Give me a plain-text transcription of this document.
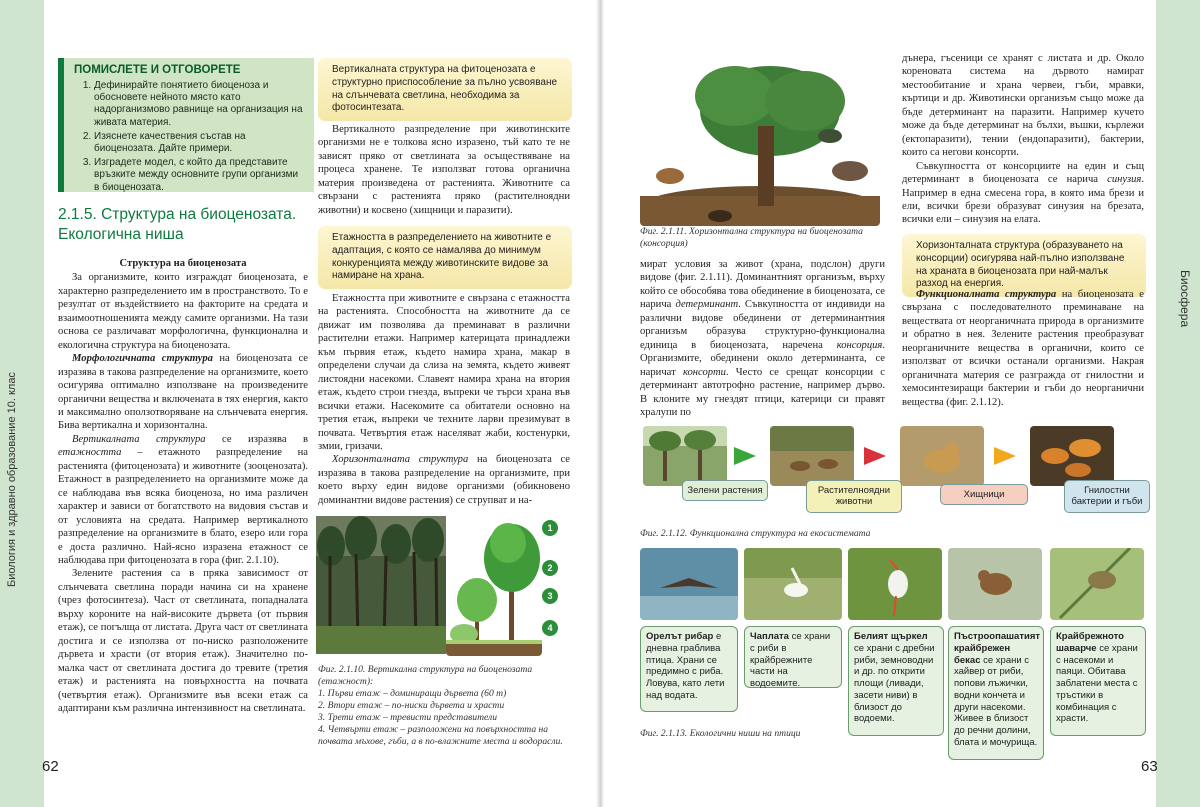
Биология и здравно образование 10. клас
Биосфера
62	63
ПОМИСЛЕТЕ И ОТГОВОРЕТЕ
1. Дефинирайте понятието биоценоза и обосновете нейното място като надорганизмово равнище на организация на живата материя.
2. Изяснете качествения състав на биоценозата. Дайте примери.
3. Изградете модел, с който да представите връзките между основните групи организми в биоценозата.
2.1.5. Структура на биоценозата. Екологична ниша

Структура на биоценозата

За организмите, които изграждат биоценозата, е характерно разпределението им в пространството. То е резултат от въздействието на факторите на средата и взаимоотношенията между самите организми. На тази основа се различават морфологична, функционална и екологична структура на биоценозата.

Морфологичната структура на биоценозата се изразява в такова разпределение на организмите, което осигурява оптимално използване на произведените органични вещества и включената в тях енергия, както и максимално оползотворяване на слънчевата енергия. Бива вертикална и хоризонтална.

Вертикалната структура се изразява в етажността – етажното разпределение на растенията (фитоценозата) и животните (зооценозата). Етажност в разпределението на организмите може да се наблюдава във всяка биоценоза, но има различен характер и зависи от богатството на видовия състав и от условията на средата. Например вертикалното разпределение на организмите в блато, езеро или гора е доста различно. Най-ясно изразена етажност се наблюдава при фитоценозата в гора (фиг. 2.1.10).

Зелените растения са в пряка зависимост от слънчевата светлина поради начина си на хранене (чрез фотосинтеза). Част от светлината, попадналата върху короните на най-високите дървета (от първия етаж), се погълща от листата. Друга част от светлината достига и се използва от по-ниско разположените дървета и храсти (от втория етаж). Значително по-малка част от светлината достига до тревите (третия етаж) и растенията на повърхността на почвата (четвъртия етаж). Организмите във всеки етаж са адаптирани към различна интензивност на светлината.

Вертикалната структура на фитоценозата е структурно приспособление за пълно усвояване на слънчевата светлина, необходима за фотосинтезата.

Вертикалното разпределение при животинските организми не е толкова ясно изразено, тъй като те не зависят пряко от светлината за осъществяване на процеса хранене. Те използват готова органична материя произведена от растенията. Животните са свързани с растенията пряко (растителноядни животни) и косвено (хищници и паразити).

Етажността в разпределението на животните е адаптация, с която се намалява до минимум конкуренцията между животинските видове за намиране на храна.

Етажността при животните е свързана с етажността на растенията. Способността на животните да се движат им позволява да преминават в различни растителни етажи. Например катерицата принадлежи към първия етаж, където намира храна, макар в определени случаи да слиза на земята, където живеят листоядни насекоми. Славеят намира храна на втория етаж, където строи гнезда, въпреки че търси храна във всички етажи. Насекомите са обитатели основно на третия етаж, въпреки че техните ларви презимуват в почвата. Четвъртия етаж населяват жаби, костенурки, змии, гризачи.

Хоризонталната структура на биоценозата се изразява в такова разпределение на организмите, при което върху един видове организми (обикновено доминантни видове растения) се струпват и на-

1
2
3
4
Фиг. 2.1.10. Вертикална структура на биоценозата (етажност):
1. Първи етаж – доминиращи дървета (60 m)
2. Втори етаж – по-ниски дървета и храсти
3. Трети етаж – тревисти представители
4. Четвърти етаж – разположени на повърхността на почвата мъхове, гъби, а в по-влажните места и водорасли.
Фиг. 2.1.11. Хоризонтална структура на биоценозата (консорция)

мират условия за живот (храна, подслон) други видове (фиг. 2.1.11). Доминантният организъм, върху който се обособява това обединение в биоценозата, се нарича детерминант. Съвкупността от индивиди на различни видове обединени от детерминантния организъм образува структурно-функционална единица в биоценозата, наречена консорция. Организмите, обединени около детерминанта, се наричат консорти. Често се срещат консорции с детерминант автотрофно растение, например дърво. В клоните му гнездят птици, катерици си правят хралупи по

дънера, гъсеници се хранят с листата и др. Около кореновата система на дървото намират местообитание и храна червеи, гъби, мравки, къртици и др. Животински организъм също може да бъде детерминант на паразити. Например кучето може да бъде детерминат на бълхи, въшки, кърлежи (ектопаразити), тении (ендопаразити), бактерии, които са негови консорти.

Съвкупността от консорциите на един и същ детерминант в биоценозата се нарича синузия. Например в една смесена гора, в която има брези и ели, всички брези образуват синузия на брезата, всички ели – синузия на елата.

Хоризонталната структура (образуването на консорции) осигурява най-пълно използване на храната в биоценозата при най-малък разход на енергия.

Функционалната структура на биоценозата е свързана с последователното преминаване на веществата от неорганичната природа в организмите и обратно в нея. Зелените растения преобразуват неорганичните вещества в органични, които се използват от всички останали организми. Накрая органичната материя се разгражда от гнилостни и хемосинтезиращи бактерии и гъби до неорганични вещества (фиг. 2.1.12).

Зелени растения	Растителноядни животни
Хищници	Гнилостни бактерии и гъби
Фиг. 2.1.12. Функционална структура на екосистемата
Орелът рибар е дневна граблива птица. Храни се предимно с риба. Ловува, като лети над водата.
Чаплата се храни с риби в крайбрежните части на водоемите.
Белият щъркел се храни с дребни риби, земноводни и др. по открити площи (ливади, засети ниви) в близост до водоеми.
Пъстроопашатият крайбрежен бекас се храни с хайвер от риби, попови лъжички, водни кончета и други насекоми. Живее в близост до речни долини, блата и мочурища.
Крайбрежното шаварче се храни с насекоми и паяци. Обитава заблатени места с тръстики в комбинация с храсти.
Фиг. 2.1.13. Екологични ниши на птици
